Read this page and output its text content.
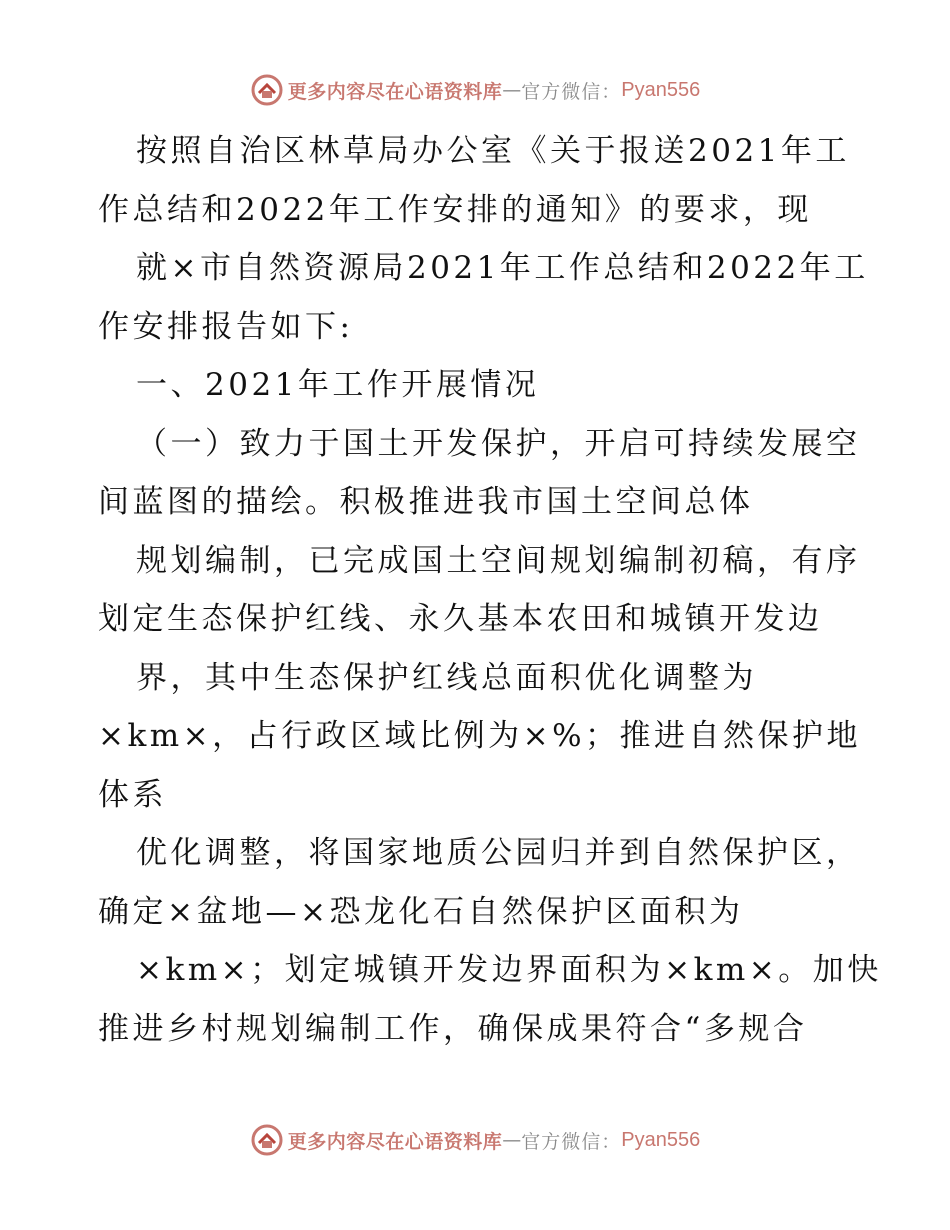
更多内容尽在心语资料库 — 官方微信： Pyan556
按照自治区林草局办公室《关于报送2021年工
作总结和2022年工作安排的通知》的要求，现
就×市自然资源局2021年工作总结和2022年工
作安排报告如下:
一、2021年工作开展情况
（一）致力于国土开发保护，开启可持续发展空
间蓝图的描绘。积极推进我市国土空间总体
规划编制，已完成国土空间规划编制初稿，有序
划定生态保护红线、永久基本农田和城镇开发边
界，其中生态保护红线总面积优化调整为
×km×，占行政区域比例为×%；推进自然保护地
体系
优化调整，将国家地质公园归并到自然保护区，
确定×盆地—×恐龙化石自然保护区面积为
×km×；划定城镇开发边界面积为×km×。加快
推进乡村规划编制工作，确保成果符合“多规合
更多内容尽在心语资料库 — 官方微信： Pyan556
